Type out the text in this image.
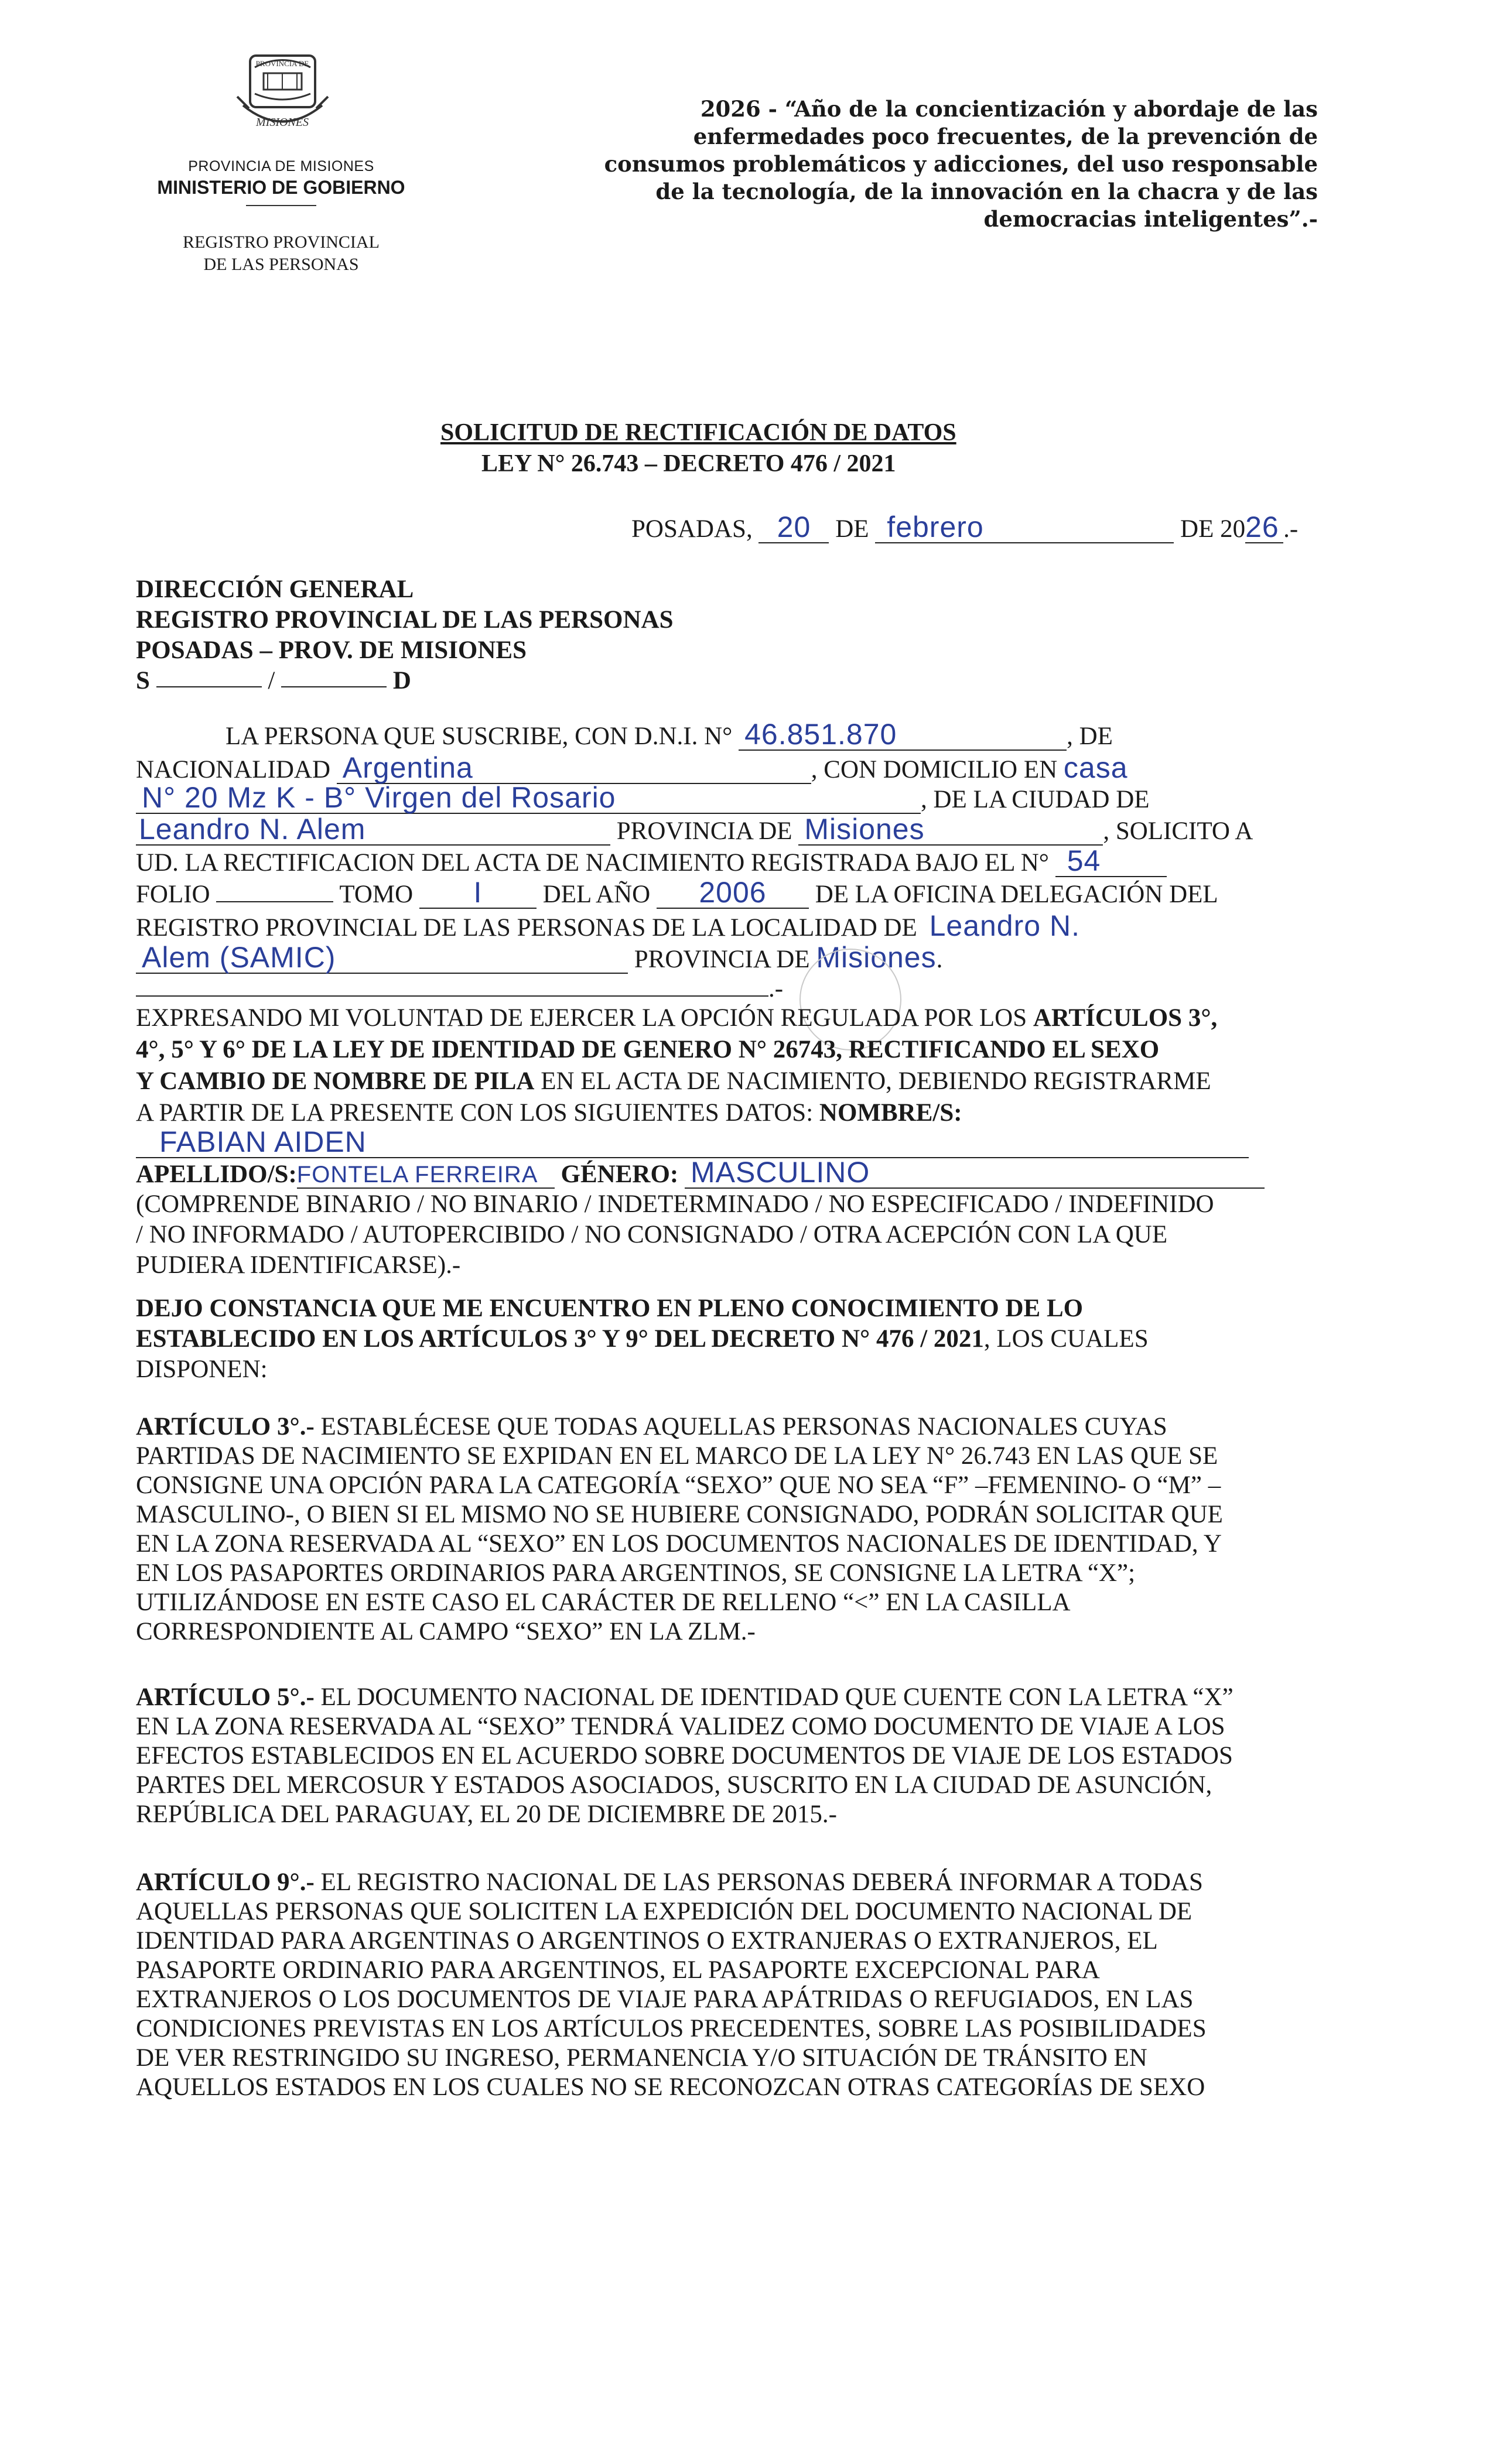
PROVINCIA DE
MISIONES
PROVINCIA DE MISIONES
MINISTERIO DE GOBIERNO
REGISTRO PROVINCIAL
DE LAS PERSONAS
2026 - “Año de la concientización y abordaje de las
enfermedades poco frecuentes, de la prevención de
consumos problemáticos y adicciones, del uso responsable
de la tecnología, de la innovación en la chacra y de las
democracias inteligentes”.-
SOLICITUD DE RECTIFICACIÓN DE DATOS
LEY N° 26.743 – DECRETO 476 / 2021
POSADAS, 20 DE febrero	DE 2026 .-
DIRECCIÓN GENERAL
REGISTRO PROVINCIAL DE LAS PERSONAS
POSADAS – PROV. DE MISIONES
S	/	D
LA PERSONA QUE SUSCRIBE, CON D.N.I. N° 46.851.870	, DE
NACIONALIDAD Argentina	, CON DOMICILIO EN casa
N° 20 Mz K - B° Virgen del Rosario	, DE LA CIUDAD DE
Leandro N. Alem	PROVINCIA DE Misiones	, SOLICITO A
UD. LA RECTIFICACION DEL ACTA DE NACIMIENTO REGISTRADA BAJO EL N° 54
FOLIO	TOMO I DEL AÑO 2006 DE LA OFICINA DELEGACIÓN DEL
REGISTRO PROVINCIAL DE LAS PERSONAS DE LA LOCALIDAD DE Leandro N.
Alem (SAMIC)	PROVINCIA DE Misiones.
.-
EXPRESANDO MI VOLUNTAD DE EJERCER LA OPCIÓN REGULADA POR LOS ARTÍCULOS 3°,
4°, 5° Y 6° DE LA LEY DE IDENTIDAD DE GENERO N° 26743, RECTIFICANDO EL SEXO
Y CAMBIO DE NOMBRE DE PILA EN EL ACTA DE NACIMIENTO, DEBIENDO REGISTRARME
A PARTIR DE LA PRESENTE CON LOS SIGUIENTES DATOS: NOMBRE/S:
FABIAN AIDEN
APELLIDO/S:FONTELA FERREIRA GÉNERO: MASCULINO
(COMPRENDE BINARIO / NO BINARIO / INDETERMINADO / NO ESPECIFICADO / INDEFINIDO
/ NO INFORMADO / AUTOPERCIBIDO / NO CONSIGNADO / OTRA ACEPCIÓN CON LA QUE
PUDIERA IDENTIFICARSE).-
DEJO CONSTANCIA QUE ME ENCUENTRO EN PLENO CONOCIMIENTO DE LO
ESTABLECIDO EN LOS ARTÍCULOS 3° Y 9° DEL DECRETO N° 476 / 2021, LOS CUALES
DISPONEN:
ARTÍCULO 3°.- ESTABLÉCESE QUE TODAS AQUELLAS PERSONAS NACIONALES CUYAS
PARTIDAS DE NACIMIENTO SE EXPIDAN EN EL MARCO DE LA LEY N° 26.743 EN LAS QUE SE
CONSIGNE UNA OPCIÓN PARA LA CATEGORÍA “SEXO” QUE NO SEA “F” –FEMENINO- O “M” –
MASCULINO-, O BIEN SI EL MISMO NO SE HUBIERE CONSIGNADO, PODRÁN SOLICITAR QUE
EN LA ZONA RESERVADA AL “SEXO” EN LOS DOCUMENTOS NACIONALES DE IDENTIDAD, Y
EN LOS PASAPORTES ORDINARIOS PARA ARGENTINOS, SE CONSIGNE LA LETRA “X”;
UTILIZÁNDOSE EN ESTE CASO EL CARÁCTER DE RELLENO “<” EN LA CASILLA
CORRESPONDIENTE AL CAMPO “SEXO” EN LA ZLM.-
ARTÍCULO 5°.- EL DOCUMENTO NACIONAL DE IDENTIDAD QUE CUENTE CON LA LETRA “X”
EN LA ZONA RESERVADA AL “SEXO” TENDRÁ VALIDEZ COMO DOCUMENTO DE VIAJE A LOS
EFECTOS ESTABLECIDOS EN EL ACUERDO SOBRE DOCUMENTOS DE VIAJE DE LOS ESTADOS
PARTES DEL MERCOSUR Y ESTADOS ASOCIADOS, SUSCRITO EN LA CIUDAD DE ASUNCIÓN,
REPÚBLICA DEL PARAGUAY, EL 20 DE DICIEMBRE DE 2015.-
ARTÍCULO 9°.- EL REGISTRO NACIONAL DE LAS PERSONAS DEBERÁ INFORMAR A TODAS
AQUELLAS PERSONAS QUE SOLICITEN LA EXPEDICIÓN DEL DOCUMENTO NACIONAL DE
IDENTIDAD PARA ARGENTINAS O ARGENTINOS O EXTRANJERAS O EXTRANJEROS, EL
PASAPORTE ORDINARIO PARA ARGENTINOS, EL PASAPORTE EXCEPCIONAL PARA
EXTRANJEROS O LOS DOCUMENTOS DE VIAJE PARA APÁTRIDAS O REFUGIADOS, EN LAS
CONDICIONES PREVISTAS EN LOS ARTÍCULOS PRECEDENTES, SOBRE LAS POSIBILIDADES
DE VER RESTRINGIDO SU INGRESO, PERMANENCIA Y/O SITUACIÓN DE TRÁNSITO EN
AQUELLOS ESTADOS EN LOS CUALES NO SE RECONOZCAN OTRAS CATEGORÍAS DE SEXO
